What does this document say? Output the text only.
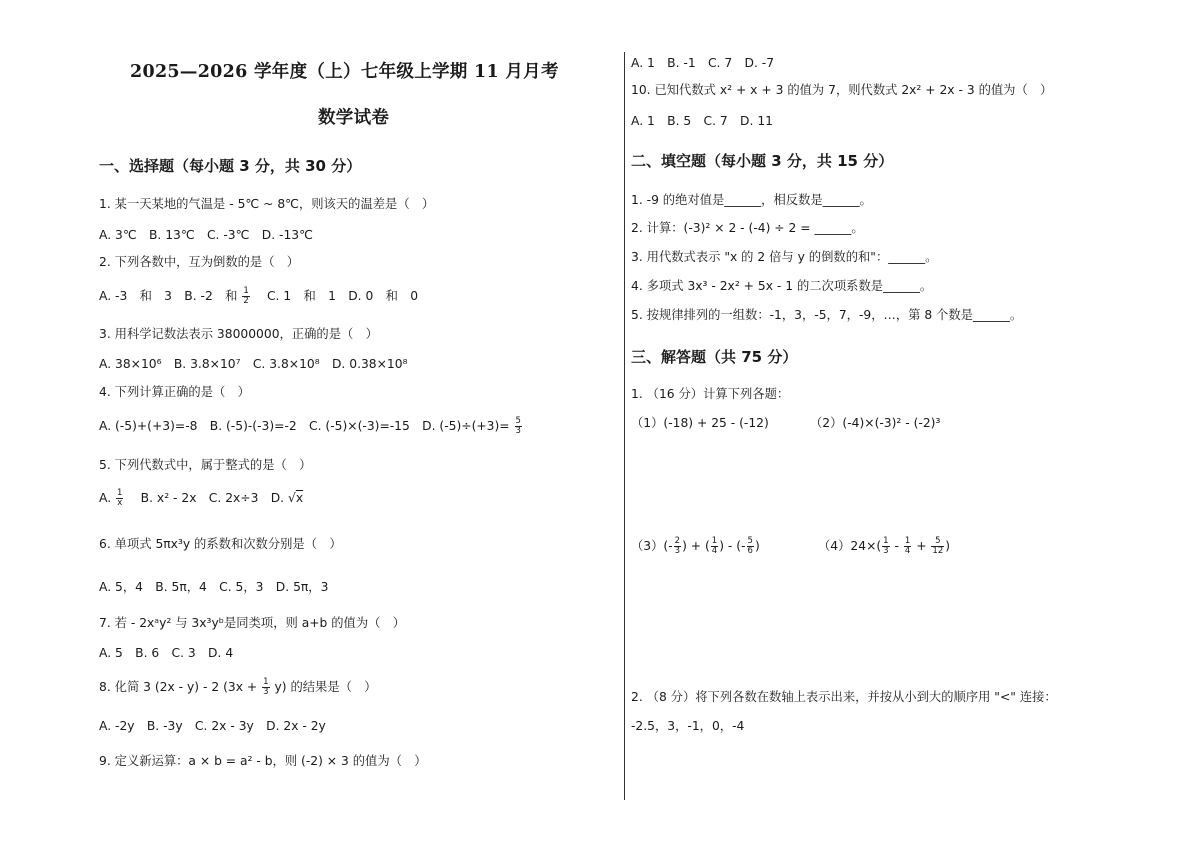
2025—2026 学年度（上）七年级上学期 11 月月考
数学试卷
一、选择题（每小题 3 分，共 30 分）
1. 某一天某地的气温是 - 5℃ ~ 8℃，则该天的温差是（　）
A. 3℃　B. 13℃　C. -3℃　D. -13℃
2. 下列各数中，互为倒数的是（　）
A. -3　和　3　B. -2　和 $\frac{1}{2}$ 　C. 1　和　1　D. 0　和　0
3. 用科学记数法表示 38000000，正确的是（　）
A. 38×10⁶　B. 3.8×10⁷　C. 3.8×10⁸　D. 0.38×10⁸
4. 下列计算正确的是（　）
A. (-5)+(+3)=-8　B. (-5)-(-3)=-2　C. (-5)×(-3)=-15　D. $(-5)\div(+3)= \frac{5}{3}$
5. 下列代数式中，属于整式的是（　）
A. $\frac{1}{x}$ 　B. x² - 2x　C. 2x÷3　D. √x
6. 单项式 5πx³y 的系数和次数分别是（　）
A. 5，4　B. 5π，4　C. 5，3　D. 5π，3
7. 若 - 2xᵃy² 与 3x³yᵇ是同类项，则 a+b 的值为（　）
A. 5　B. 6　C. 3　D. 4
8. 化简 3 (2x - y) - 2 $(3x + \frac{1}{3} y)$ 的结果是（　）
A. -2y　B. -3y　C. 2x - 3y　D. 2x - 2y
9. 定义新运算：a × b = a² - b，则 (-2) × 3 的值为（　）
A. 1　B. -1　C. 7　D. -7
10. 已知代数式 x² + x + 3 的值为 7，则代数式 2x² + 2x - 3 的值为（　）
A. 1　B. 5　C. 7　D. 11
二、填空题（每小题 3 分，共 15 分）
1. -9 的绝对值是______，相反数是______。
2. 计算：(-3)² × 2 - (-4) ÷ 2 = ______。
3. 用代数式表示 "x 的 2 倍与 y 的倒数的和"：______。
4. 多项式 3x³ - 2x² + 5x - 1 的二次项系数是______。
5. 按规律排列的一组数：-1，3，-5，7，-9，…，第 8 个数是______。
三、解答题（共 75 分）
1. （16 分）计算下列各题：
（1）(-18) + 25 - (-12)	（2）(-4)×(-3)² - (-2)³
$(3)(- \frac{2}{3}$ ) + ( $\frac{1}{4}$ ) - (- $\frac{5}{6}$ )	$(4)24\times( \frac{1}{3} - \frac{1}{4} + \frac{5}{12}$ )
2. （8 分）将下列各数在数轴上表示出来，并按从小到大的顺序用 "<" 连接：
-2.5，3，-1，0，-4
